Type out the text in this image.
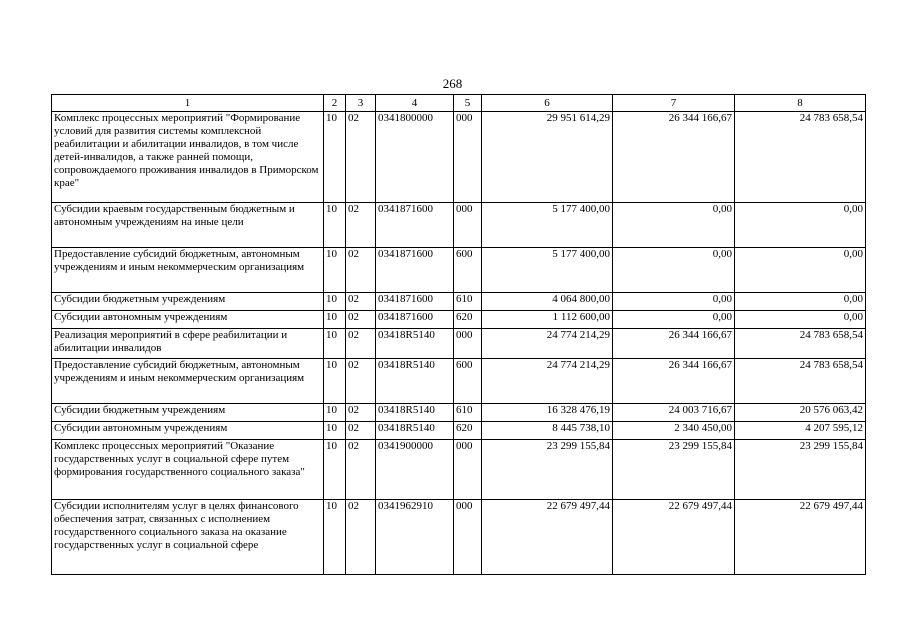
268
1	2	3	4	5	6	7	8
Комплекс процессных мероприятий "Формирование условий для развития системы комплексной реабилитации и абилитации инвалидов, в том числе детей-инвалидов, а также ранней помощи, сопровождаемого проживания инвалидов в Приморском крае"	10	02	0341800000	000	29 951 614,29	26 344 166,67	24 783 658,54
Субсидии краевым государственным бюджетным и автономным учреждениям на иные цели	10	02	0341871600	000	5 177 400,00	0,00	0,00
Предоставление субсидий бюджетным, автономным учреждениям и иным некоммерческим организациям	10	02	0341871600	600	5 177 400,00	0,00	0,00
Субсидии бюджетным учреждениям	10	02	0341871600	610	4 064 800,00	0,00	0,00
Субсидии автономным учреждениям	10	02	0341871600	620	1 112 600,00	0,00	0,00
Реализация мероприятий в сфере реабилитации и абилитации инвалидов	10	02	03418R5140	000	24 774 214,29	26 344 166,67	24 783 658,54
Предоставление субсидий бюджетным, автономным учреждениям и иным некоммерческим организациям	10	02	03418R5140	600	24 774 214,29	26 344 166,67	24 783 658,54
Субсидии бюджетным учреждениям	10	02	03418R5140	610	16 328 476,19	24 003 716,67	20 576 063,42
Субсидии автономным учреждениям	10	02	03418R5140	620	8 445 738,10	2 340 450,00	4 207 595,12
Комплекс процессных мероприятий "Оказание государственных услуг в социальной сфере путем формирования государственного социального заказа"	10	02	0341900000	000	23 299 155,84	23 299 155,84	23 299 155,84
Субсидии исполнителям услуг в целях финансового обеспечения затрат, связанных с исполнением государственного социального заказа на оказание государственных услуг в социальной сфере	10	02	0341962910	000	22 679 497,44	22 679 497,44	22 679 497,44
